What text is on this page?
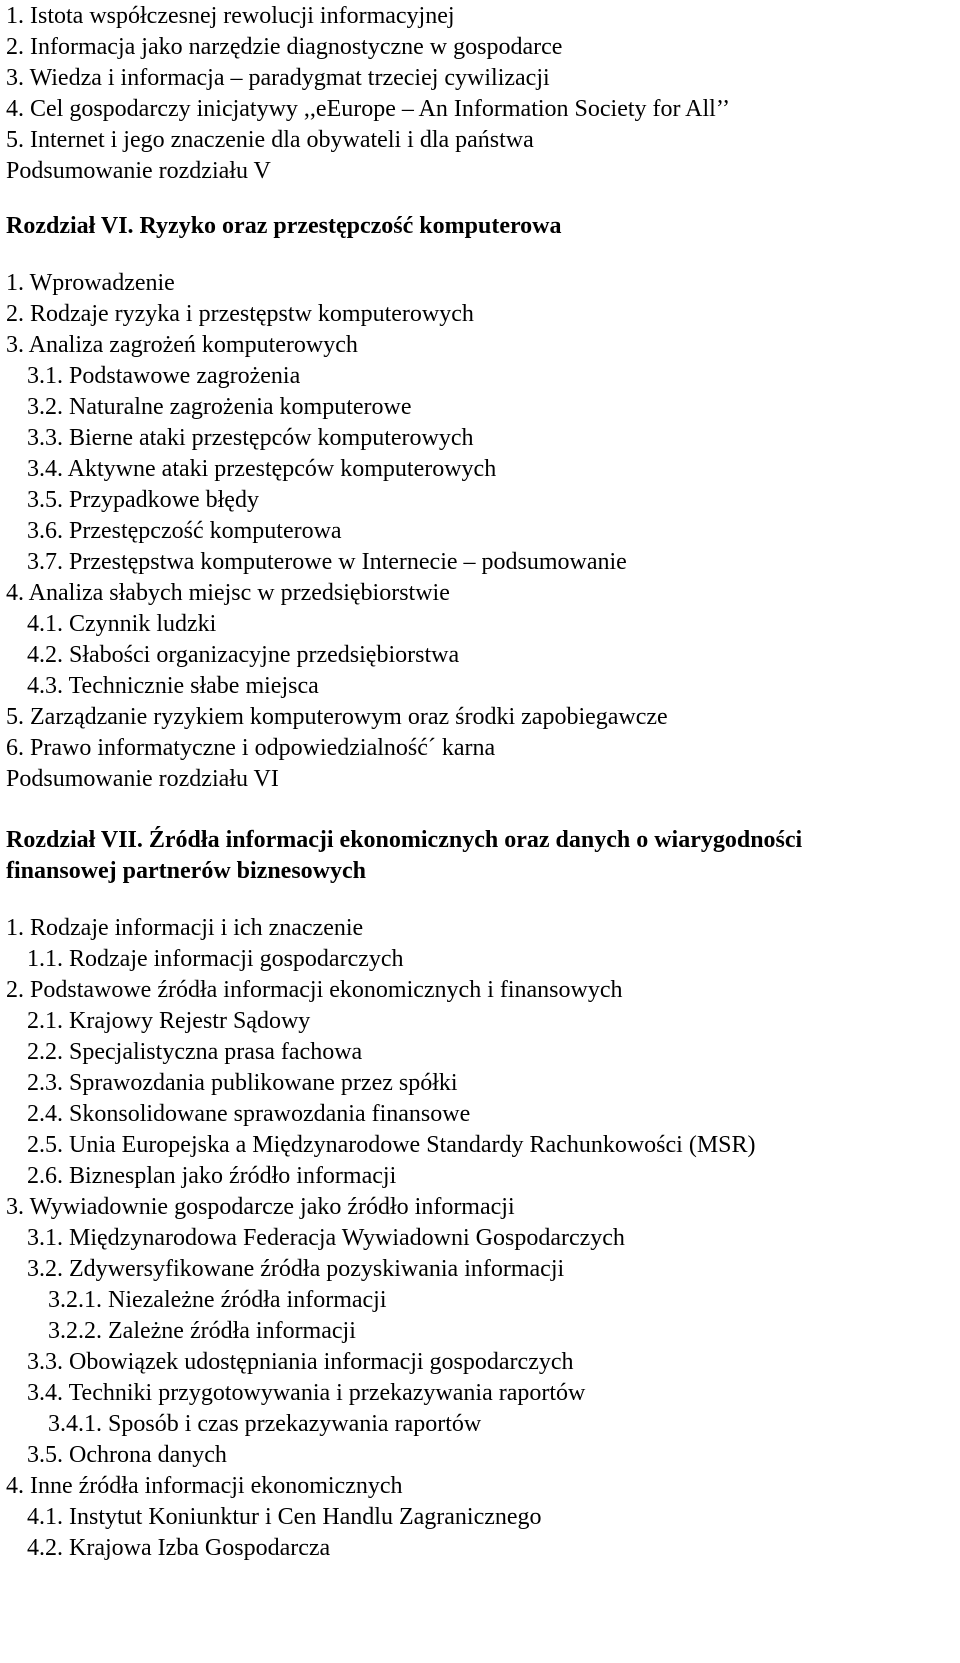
1. Istota współczesnej rewolucji informacyjnej
2. Informacja jako narzędzie diagnostyczne w gospodarce
3. Wiedza i informacja – paradygmat trzeciej cywilizacji
4. Cel gospodarczy inicjatywy ,,eEurope – An Information Society for All’’
5. Internet i jego znaczenie dla obywateli i dla państwa
Podsumowanie rozdziału V
Rozdział VI. Ryzyko oraz przestępczość komputerowa
1. Wprowadzenie
2. Rodzaje ryzyka i przestępstw komputerowych
3. Analiza zagrożeń komputerowych
3.1. Podstawowe zagrożenia
3.2. Naturalne zagrożenia komputerowe
3.3. Bierne ataki przestępców komputerowych
3.4. Aktywne ataki przestępców komputerowych
3.5. Przypadkowe błędy
3.6. Przestępczość komputerowa
3.7. Przestępstwa komputerowe w Internecie – podsumowanie
4. Analiza słabych miejsc w przedsiębiorstwie
4.1. Czynnik ludzki
4.2. Słabości organizacyjne przedsiębiorstwa
4.3. Technicznie słabe miejsca
5. Zarządzanie ryzykiem komputerowym oraz środki zapobiegawcze
6. Prawo informatyczne i odpowiedzialność´ karna
Podsumowanie rozdziału VI
Rozdział VII. Źródła informacji ekonomicznych oraz danych o wiarygodności
finansowej partnerów biznesowych
1. Rodzaje informacji i ich znaczenie
1.1. Rodzaje informacji gospodarczych
2. Podstawowe źródła informacji ekonomicznych i finansowych
2.1. Krajowy Rejestr Sądowy
2.2. Specjalistyczna prasa fachowa
2.3. Sprawozdania publikowane przez spółki
2.4. Skonsolidowane sprawozdania finansowe
2.5. Unia Europejska a Międzynarodowe Standardy Rachunkowości (MSR)
2.6. Biznesplan jako źródło informacji
3. Wywiadownie gospodarcze jako źródło informacji
3.1. Międzynarodowa Federacja Wywiadowni Gospodarczych
3.2. Zdywersyfikowane źródła pozyskiwania informacji
3.2.1. Niezależne źródła informacji
3.2.2. Zależne źródła informacji
3.3. Obowiązek udostępniania informacji gospodarczych
3.4. Techniki przygotowywania i przekazywania raportów
3.4.1. Sposób i czas przekazywania raportów
3.5. Ochrona danych
4. Inne źródła informacji ekonomicznych
4.1. Instytut Koniunktur i Cen Handlu Zagranicznego
4.2. Krajowa Izba Gospodarcza
